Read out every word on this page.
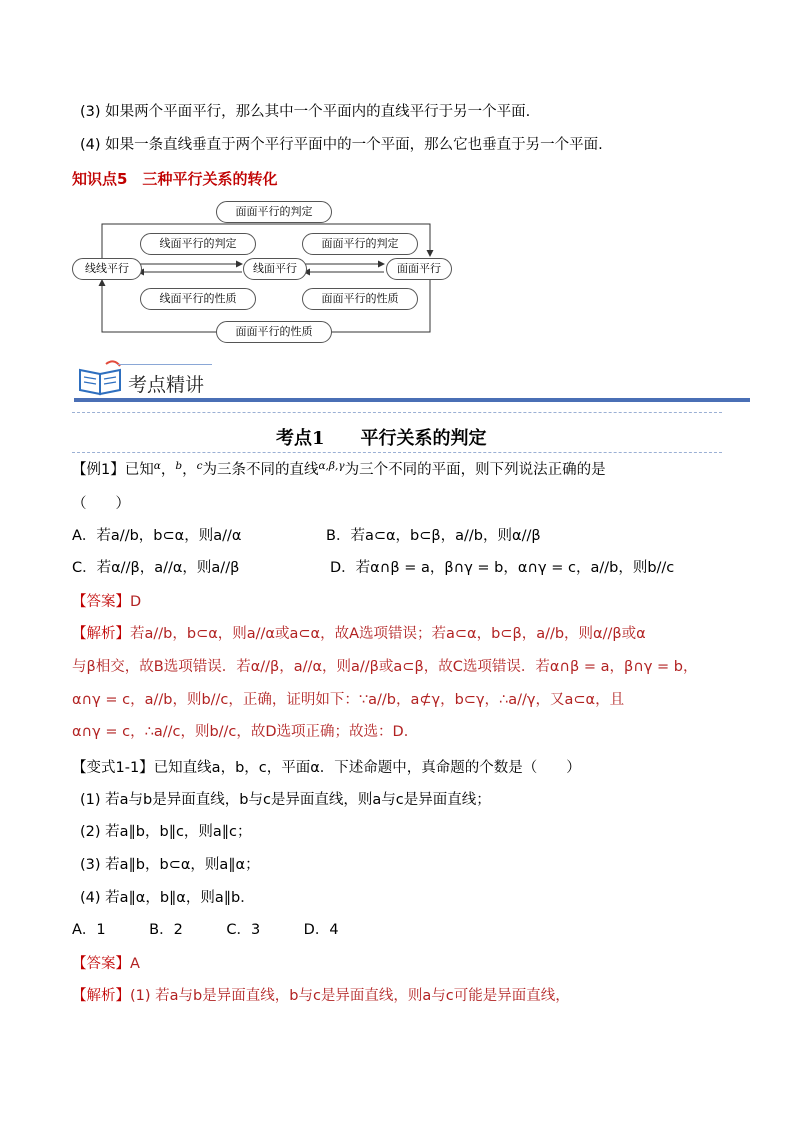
(3) 如果两个平面平行，那么其中一个平面内的直线平行于另一个平面.
(4) 如果一条直线垂直于两个平行平面中的一个平面，那么它也垂直于另一个平面.
知识点5　三种平行关系的转化
面面平行的判定
线面平行的判定	面面平行的判定
线线平行	线面平行	面面平行
线面平行的性质	面面平行的性质
面面平行的性质
考点精讲
考点1　　平行关系的判定
【例1】已知$^\alpha$，$^b$，$^c$为三条不同的直线$^{\alpha,\beta,\gamma}$为三个不同的平面，则下列说法正确的是
（　　）
A．若a//b，b⊂α，则a//α	B．若a⊂α，b⊂β，a//b，则α//β
C．若α//β，a//α，则a//β	D．若α∩β = a，β∩γ = b，α∩γ = c，a//b，则b//c
【答案】D
【解析】若a//b，b⊂α，则a//α或a⊂α，故A选项错误；若a⊂α，b⊂β，a//b，则α//β或α
与β相交，故B选项错误．若α//β，a//α，则a//β或a⊂β，故C选项错误．若α∩β = a，β∩γ = b，
α∩γ = c，a//b，则b//c，正确，证明如下：∵a//b，a⊄γ，b⊂γ，∴a//γ，又a⊂α，且
α∩γ = c，∴a//c，则b//c，故D选项正确；故选：D．
【变式1-1】已知直线a，b，c，平面α．下述命题中，真命题的个数是（　　）
(1) 若a与b是异面直线，b与c是异面直线，则a与c是异面直线；
(2) 若a∥b，b∥c，则a∥c；
(3) 若a∥b，b⊂α，则a∥α；
(4) 若a∥α，b∥α，则a∥b．
A．1　　　B．2　　　C．3　　　D．4
【答案】A
【解析】(1) 若a与b是异面直线，b与c是异面直线，则a与c可能是异面直线，
